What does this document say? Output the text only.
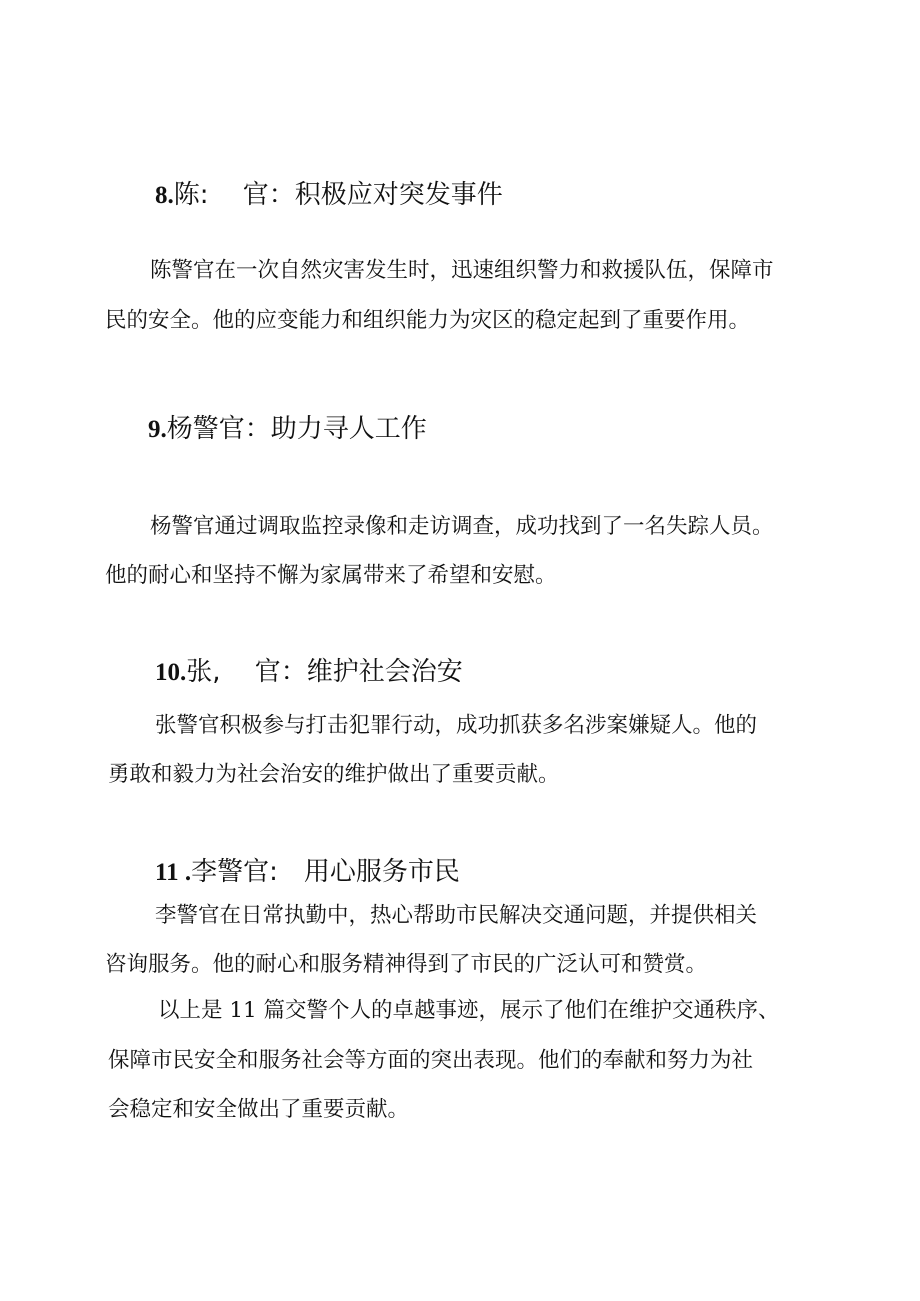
8.陈:　 官：积极应对突发事件
陈警官在一次自然灾害发生时，迅速组织警力和救援队伍，保障市
民的安全。他的应变能力和组织能力为灾区的稳定起到了重要作用。
9.杨警官：助力寻人工作
杨警官通过调取监控录像和走访调查，成功找到了一名失踪人员。
他的耐心和坚持不懈为家属带来了希望和安慰。
10.张,　 官：维护社会治安
张警官积极参与打击犯罪行动，成功抓获多名涉案嫌疑人。他的
勇敢和毅力为社会治安的维护做出了重要贡献。
11 .李警官:　用心服务市民
李警官在日常执勤中，热心帮助市民解决交通问题，并提供相关
咨询服务。他的耐心和服务精神得到了市民的广泛认可和赞赏。
以上是 11 篇交警个人的卓越事迹，展示了他们在维护交通秩序、
保障市民安全和服务社会等方面的突出表现。他们的奉献和努力为社
会稳定和安全做出了重要贡献。
